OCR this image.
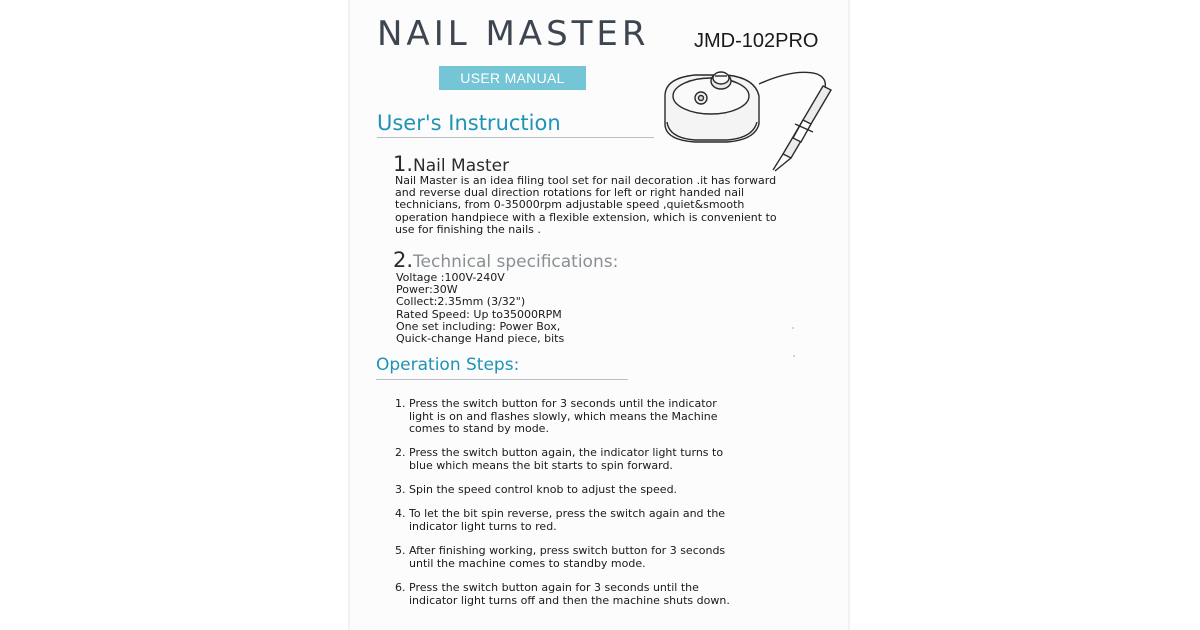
NAIL MASTER JMD-102PRO
USER MANUAL
User's Instruction
1.Nail Master
Nail Master is an idea filing tool set for nail decoration .it has forward
and reverse dual direction rotations for left or right handed nail
technicians, from 0-35000rpm adjustable speed ,quiet&smooth
operation handpiece with a flexible extension, which is convenient to
use for finishing the nails .
2.Technical specifications:
Voltage :100V-240V
Power:30W
Collect:2.35mm (3/32")
Rated Speed: Up to35000RPM
One set including: Power Box,
Quick-change Hand piece, bits
Operation Steps:
1. Press the switch button for 3 seconds until the indicator
light is on and flashes slowly, which means the Machine
comes to stand by mode.
2. Press the switch button again, the indicator light turns to
blue which means the bit starts to spin forward.
3. Spin the speed control knob to adjust the speed.
4. To let the bit spin reverse, press the switch again and the
indicator light turns to red.
5. After finishing working, press switch button for 3 seconds
until the machine comes to standby mode.
6. Press the switch button again for 3 seconds until the
indicator light turns off and then the machine shuts down.
